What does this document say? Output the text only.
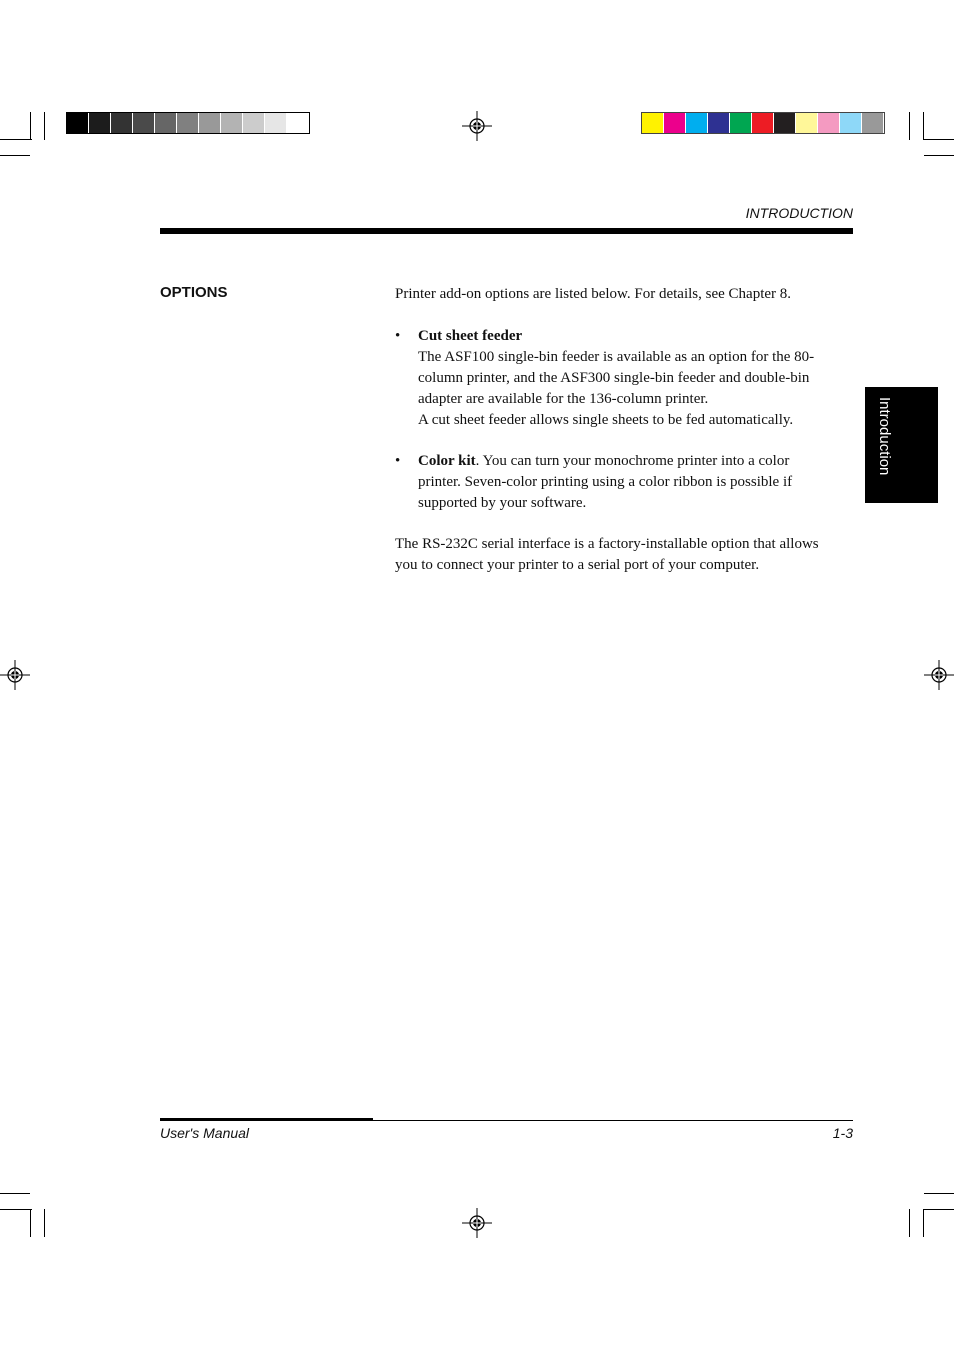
INTRODUCTION
Introduction
OPTIONS	Printer add-on options are listed below. For details, see Chapter 8.

• Cut sheet feeder

The ASF100 single-bin feeder is available as an option for the 80-

column printer, and the ASF300 single-bin feeder and double-bin

adapter are available for the 136-column printer.

A cut sheet feeder allows single sheets to be fed automatically.

• Color kit. You can turn your monochrome printer into a color

printer. Seven-color printing using a color ribbon is possible if

supported by your software.

The RS-232C serial interface is a factory-installable option that allows

you to connect your printer to a serial port of your computer.

User's Manual	1-3
